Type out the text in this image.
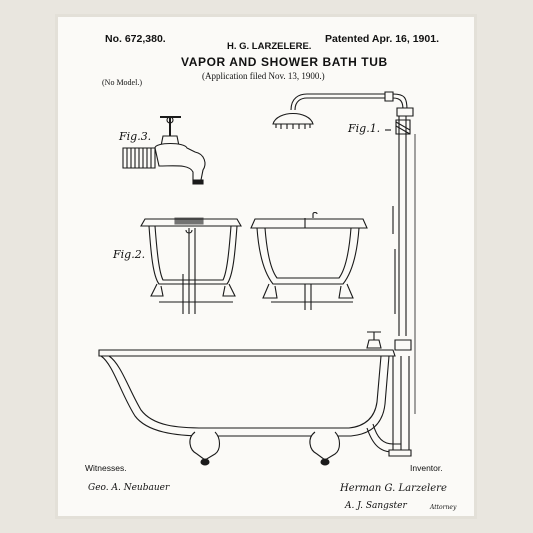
No. 672,380.
H. G. LARZELERE.
Patented Apr. 16, 1901.
VAPOR AND SHOWER BATH TUB
(Application filed Nov. 13, 1900.)
(No Model.)
Fig.1.
Fig.2.
Fig.3.
Witnesses.	Inventor.
Geo. A. Neubauer	Herman G. Larzelere
A. J. Sangster	Attorney
